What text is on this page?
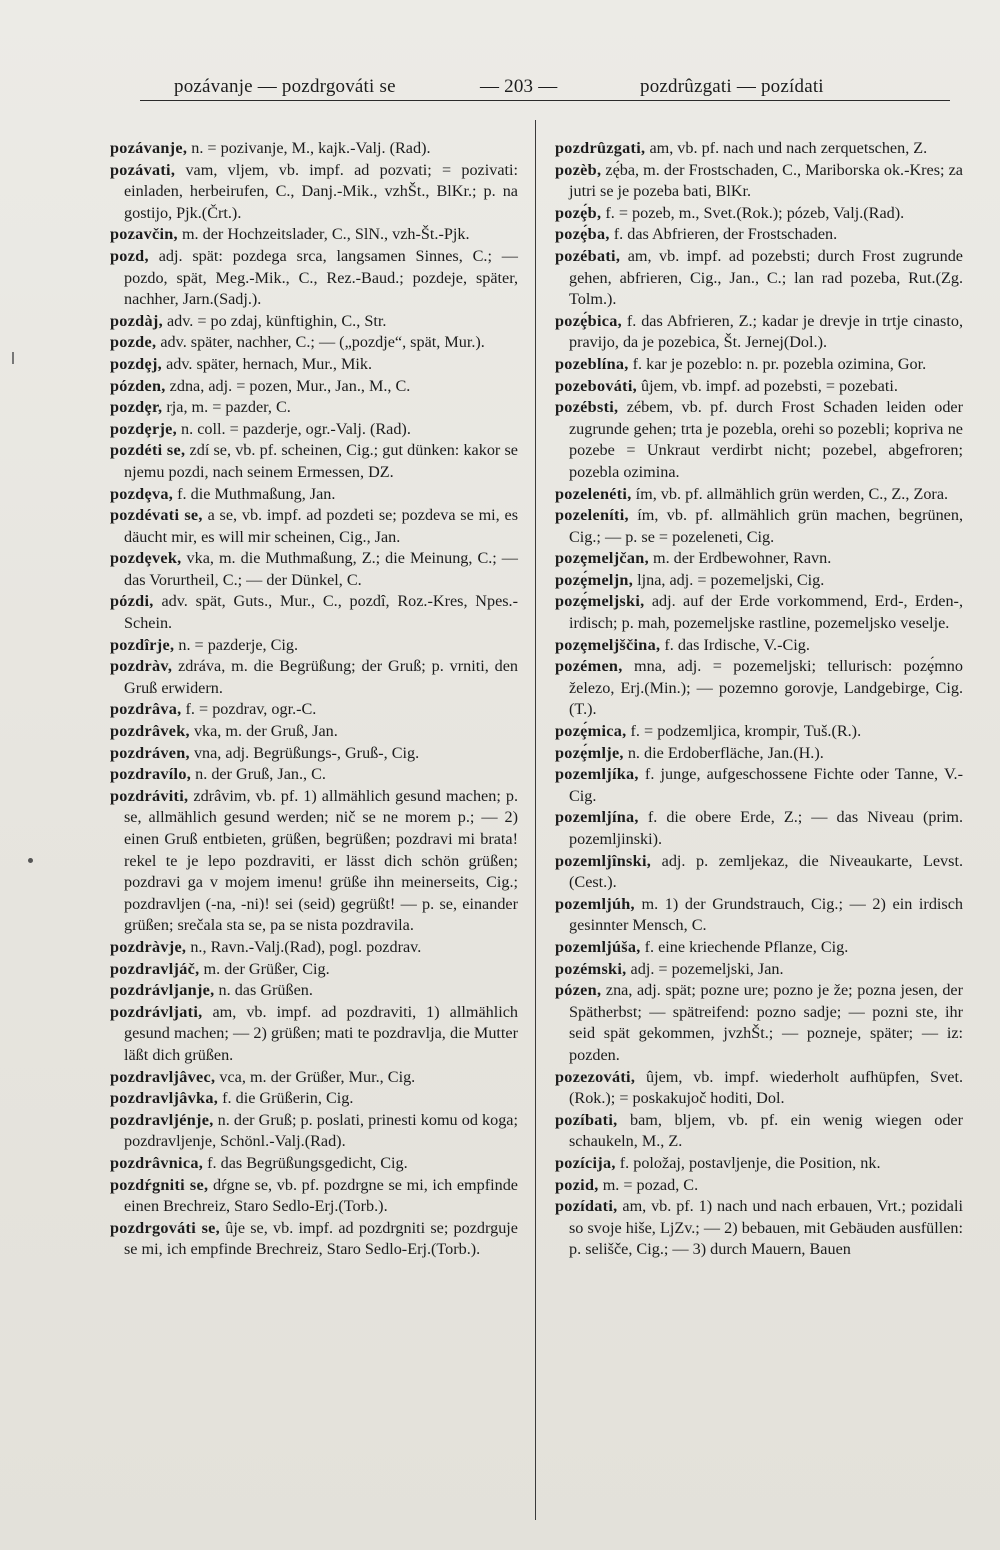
pozávanje — pozdrgováti se	— 203 —	pozdrûzgati — pozídati

pozávanje, n. = pozivanje, M., kajk.-Valj. (Rad).

pozávati, vam, vljem, vb. impf. ad pozvati; = pozivati: einladen, herbeirufen, C., Danj.-Mik., vzhŠt., BlKr.; p. na gostijo, Pjk.(Črt.).

pozavčin, m. der Hochzeitslader, C., SlN., vzh-Št.-Pjk.

pozd, adj. spät: pozdega srca, langsamen Sinnes, C.; — pozdo, spät, Meg.-Mik., C., Rez.-Baud.; pozdeje, später, nachher, Jarn.(Sadj.).

pozdàj, adv. = po zdaj, künftighin, C., Str.

pozde, adv. später, nachher, C.; — („pozdje“, spät, Mur.).

pozdȩj, adv. später, hernach, Mur., Mik.

pózden, zdna, adj. = pozen, Mur., Jan., M., C.

pozdȩr, rja, m. = pazder, C.

pozdȩrje, n. coll. = pazderje, ogr.-Valj. (Rad).

pozdéti se, zdí se, vb. pf. scheinen, Cig.; gut dünken: kakor se njemu pozdi, nach seinem Ermessen, DZ.

pozdȩva, f. die Muthmaßung, Jan.

pozdévati se, a se, vb. impf. ad pozdeti se; pozdeva se mi, es däucht mir, es will mir scheinen, Cig., Jan.

pozdȩvek, vka, m. die Muthmaßung, Z.; die Meinung, C.; — das Vorurtheil, C.; — der Dünkel, C.

pózdi, adv. spät, Guts., Mur., C., pozdî, Roz.-Kres, Npes.-Schein.

pozdîrje, n. = pazderje, Cig.

pozdràv, zdráva, m. die Begrüßung; der Gruß; p. vrniti, den Gruß erwidern.

pozdrâva, f. = pozdrav, ogr.-C.

pozdrâvek, vka, m. der Gruß, Jan.

pozdráven, vna, adj. Begrüßungs-, Gruß-, Cig.

pozdravílo, n. der Gruß, Jan., C.

pozdráviti, zdrâvim, vb. pf. 1) allmählich gesund machen; p. se, allmählich gesund werden; nič se ne morem p.; — 2) einen Gruß entbieten, grüßen, begrüßen; pozdravi mi brata! rekel te je lepo pozdraviti, er lässt dich schön grüßen; pozdravi ga v mojem imenu! grüße ihn meinerseits, Cig.; pozdravljen (-na, -ni)! sei (seid) gegrüßt! — p. se, einander grüßen; srečala sta se, pa se nista pozdravila.

pozdràvje, n., Ravn.-Valj.(Rad), pogl. pozdrav.

pozdravljáč, m. der Grüßer, Cig.

pozdrávljanje, n. das Grüßen.

pozdrávljati, am, vb. impf. ad pozdraviti, 1) allmählich gesund machen; — 2) grüßen; mati te pozdravlja, die Mutter läßt dich grüßen.

pozdravljâvec, vca, m. der Grüßer, Mur., Cig.

pozdravljâvka, f. die Grüßerin, Cig.

pozdravljénje, n. der Gruß; p. poslati, prinesti komu od koga; pozdravljenje, Schönl.-Valj.(Rad).

pozdrâvnica, f. das Begrüßungsgedicht, Cig.

pozdŕgniti se, dŕgne se, vb. pf. pozdrgne se mi, ich empfinde einen Brechreiz, Staro Sedlo-Erj.(Torb.).

pozdrgováti se, ûje se, vb. impf. ad pozdrgniti se; pozdrguje se mi, ich empfinde Brechreiz, Staro Sedlo-Erj.(Torb.).

pozdrûzgati, am, vb. pf. nach und nach zerquetschen, Z.

pozèb, zę́ba, m. der Frostschaden, C., Mariborska ok.-Kres; za jutri se je pozeba bati, BlKr.

pozȩ́b, f. = pozeb, m., Svet.(Rok.); pózeb, Valj.(Rad).

pozȩ́ba, f. das Abfrieren, der Frostschaden.

pozébati, am, vb. impf. ad pozebsti; durch Frost zugrunde gehen, abfrieren, Cig., Jan., C.; lan rad pozeba, Rut.(Zg. Tolm.).

pozȩ́bica, f. das Abfrieren, Z.; kadar je drevje in trtje cinasto, pravijo, da je pozebica, Št. Jernej(Dol.).

pozeblína, f. kar je pozeblo: n. pr. pozebla ozimina, Gor.

pozebováti, ûjem, vb. impf. ad pozebsti, = pozebati.

pozébsti, zébem, vb. pf. durch Frost Schaden leiden oder zugrunde gehen; trta je pozebla, orehi so pozebli; kopriva ne pozebe = Unkraut verdirbt nicht; pozebel, abgefroren; pozebla ozimina.

pozelenéti, ím, vb. pf. allmählich grün werden, C., Z., Zora.

pozeleníti, ím, vb. pf. allmählich grün machen, begrünen, Cig.; — p. se = pozeleneti, Cig.

pozȩmeljčan, m. der Erdbewohner, Ravn.

pozȩ́meljn, ljna, adj. = pozemeljski, Cig.

pozȩ́meljski, adj. auf der Erde vorkommend, Erd-, Erden-, irdisch; p. mah, pozemeljske rastline, pozemeljsko veselje.

pozȩmeljščina, f. das Irdische, V.-Cig.

pozémen, mna, adj. = pozemeljski; tellurisch: pozȩ́mno železo, Erj.(Min.); — pozemno gorovje, Landgebirge, Cig.(T.).

pozȩ́mica, f. = podzemljica, krompir, Tuš.(R.).

pozȩ́mlje, n. die Erdoberfläche, Jan.(H.).

pozemljíka, f. junge, aufgeschossene Fichte oder Tanne, V.-Cig.

pozemljína, f. die obere Erde, Z.; — das Niveau (prim. pozemljinski).

pozemljînski, adj. p. zemljekaz, die Niveaukarte, Levst.(Cest.).

pozemljúh, m. 1) der Grundstrauch, Cig.; — 2) ein irdisch gesinnter Mensch, C.

pozemljúša, f. eine kriechende Pflanze, Cig.

pozémski, adj. = pozemeljski, Jan.

pózen, zna, adj. spät; pozne ure; pozno je že; pozna jesen, der Spätherbst; — spätreifend: pozno sadje; — pozni ste, ihr seid spät gekommen, jvzhŠt.; — pozneje, später; — iz: pozden.

pozezováti, ûjem, vb. impf. wiederholt aufhüpfen, Svet.(Rok.); = poskakujoč hoditi, Dol.

pozíbati, bam, bljem, vb. pf. ein wenig wiegen oder schaukeln, M., Z.

pozícija, f. položaj, postavljenje, die Position, nk.

pozid, m. = pozad, C.

pozídati, am, vb. pf. 1) nach und nach erbauen, Vrt.; pozidali so svoje hiše, LjZv.; — 2) bebauen, mit Gebäuden ausfüllen: p. selišče, Cig.; — 3) durch Mauern, Bauen
